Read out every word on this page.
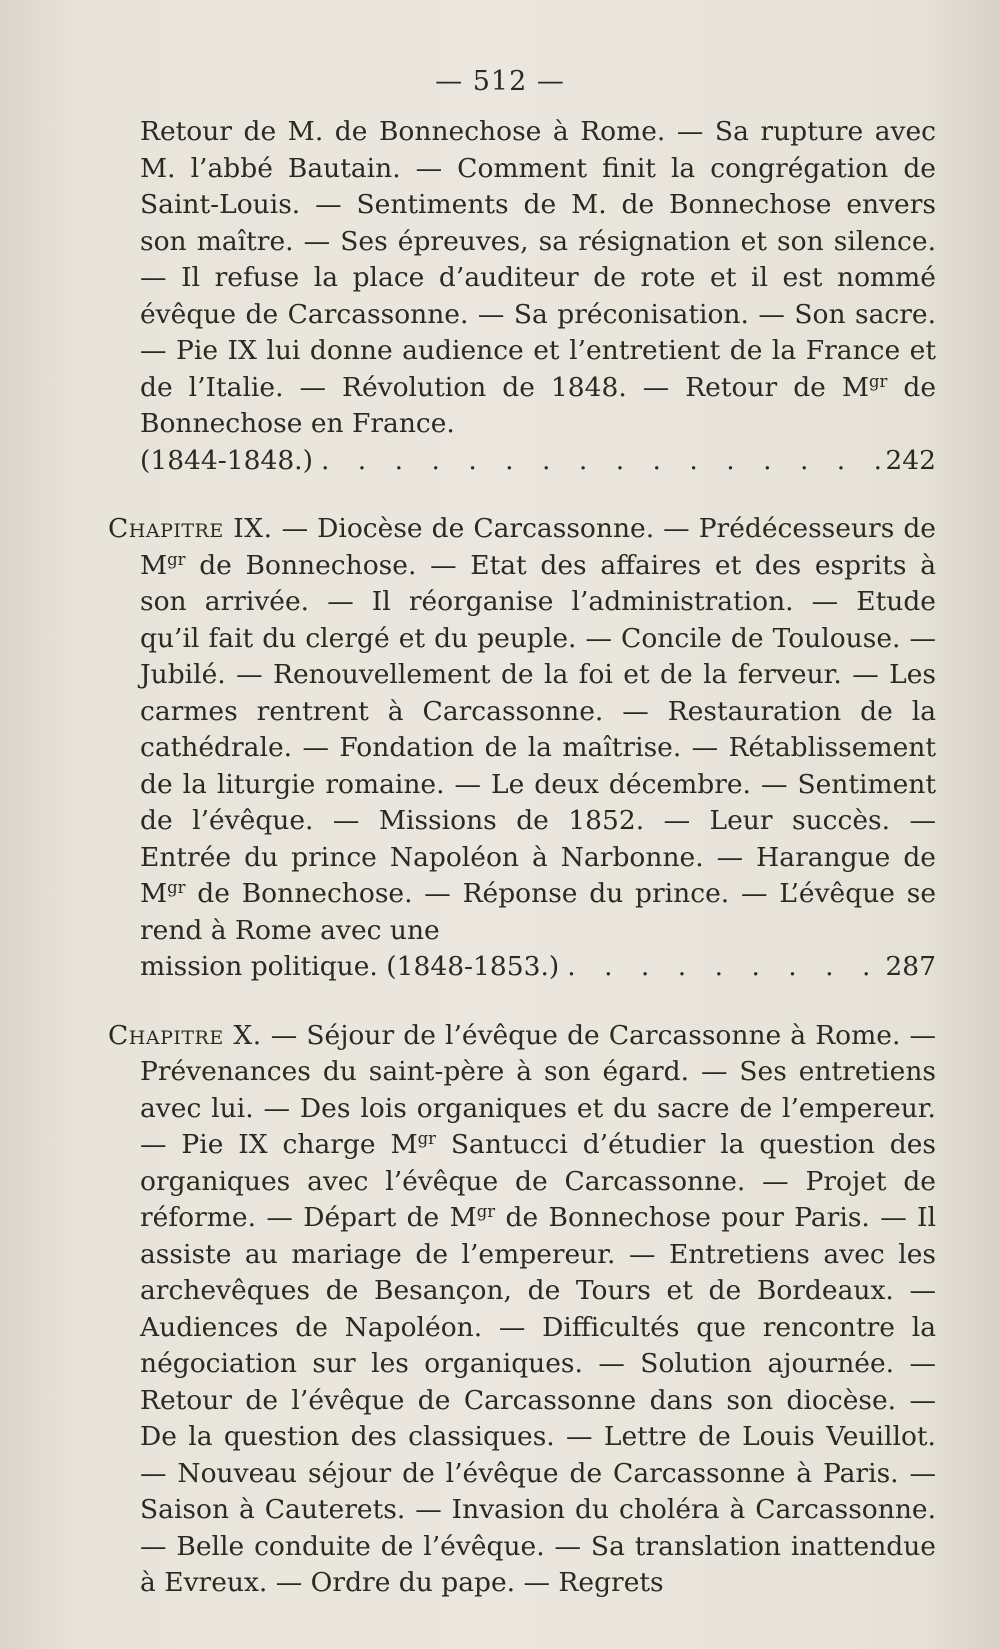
— 512 —

Retour de M. de Bonnechose à Rome. — Sa rupture avec M. l’abbé Bautain. — Comment finit la congrégation de Saint-Louis. — Sentiments de M. de Bonnechose envers son maître. — Ses épreuves, sa résignation et son silence. — Il refuse la place d’auditeur de rote et il est nommé évêque de Carcassonne. — Sa préconisation. — Son sacre. — Pie IX lui donne audience et l’entretient de la France et de l’Italie. — Révolution de 1848. — Retour de $M^{gr}$ de Bonnechose en France.

(1844-1848.) . . .	242

Chapitre IX. — Diocèse de Carcassonne. — Prédécesseurs de $M^{gr}$ de Bonnechose. — Etat des affaires et des esprits à son arrivée. — Il réorganise l’administration. — Etude qu’il fait du clergé et du peuple. — Concile de Toulouse. — Jubilé. — Renouvellement de la foi et de la ferveur. — Les carmes rentrent à Carcassonne. — Restauration de la cathédrale. — Fondation de la maîtrise. — Rétablissement de la liturgie romaine. — Le deux décembre. — Sentiment de l’évêque. — Missions de 1852. — Leur succès. — Entrée du prince Napoléon à Narbonne. — Harangue de $M^{gr}$ de Bonnechose. — Réponse du prince. — L’évêque se rend à Rome avec une

mission politique. (1848-1853.) . . .	287

Chapitre X. — Séjour de l’évêque de Carcassonne à Rome. — Prévenances du saint-père à son égard. — Ses entretiens avec lui. — Des lois organiques et du sacre de l’empereur. — Pie IX charge $M^{gr}$ Santucci d’étudier la question des organiques avec l’évêque de Carcassonne. — Projet de réforme. — Départ de $M^{gr}$ de Bonnechose pour Paris. — Il assiste au mariage de l’empereur. — Entretiens avec les archevêques de Besançon, de Tours et de Bordeaux. — Audiences de Napoléon. — Difficultés que rencontre la négociation sur les organiques. — Solution ajournée. — Retour de l’évêque de Carcassonne dans son diocèse. — De la question des classiques. — Lettre de Louis Veuillot. — Nouveau séjour de l’évêque de Carcassonne à Paris. — Saison à Cauterets. — Invasion du choléra à Carcassonne. — Belle conduite de l’évêque. — Sa translation inattendue à Evreux. — Ordre du pape. — Regrets
